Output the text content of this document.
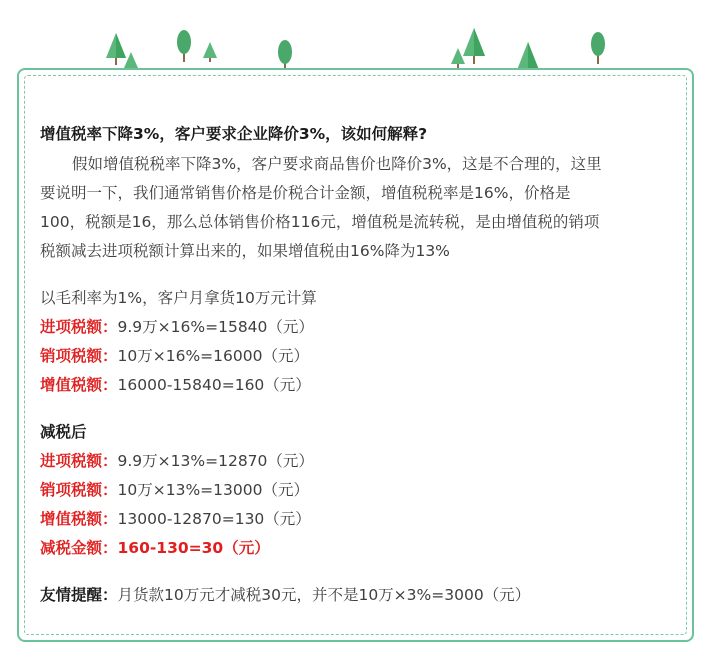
增值税率下降3%，客户要求企业降价3%，该如何解释?
假如增值税税率下降3%，客户要求商品售价也降价3%，这是不合理的，这里
要说明一下，我们通常销售价格是价税合计金额，增值税税率是16%，价格是
100，税额是16，那么总体销售价格116元，增值税是流转税，是由增值税的销项
税额减去进项税额计算出来的，如果增值税由16%降为13%
以毛利率为1%，客户月拿货10万元计算
进项税额：9.9万×16%=15840（元）
销项税额：10万×16%=16000（元）
增值税额：16000-15840=160（元）
减税后
进项税额：9.9万×13%=12870（元）
销项税额：10万×13%=13000（元）
增值税额：13000-12870=130（元）
减税金额：160-130=30（元）
友情提醒：月货款10万元才减税30元，并不是10万×3%=3000（元）
